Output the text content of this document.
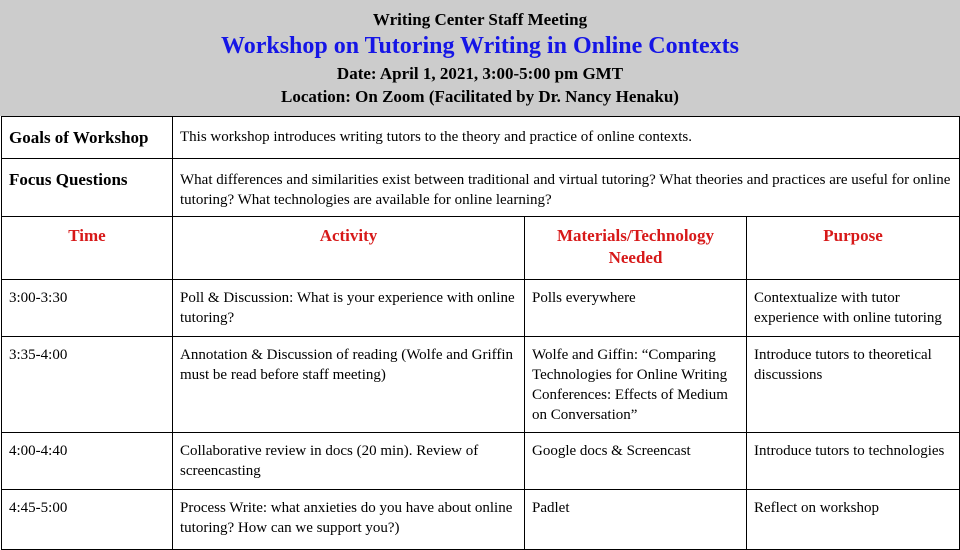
Writing Center Staff Meeting
Workshop on Tutoring Writing in Online Contexts
Date: April 1, 2021, 3:00-5:00 pm GMT
Location: On Zoom (Facilitated by Dr. Nancy Henaku)
Goals of Workshop	This workshop introduces writing tutors to the theory and practice of online contexts.		
Focus Questions	What differences and similarities exist between traditional and virtual tutoring? What theories and practices are useful for online tutoring? What technologies are available for online learning?		
Time	Activity	Materials/Technology Needed	Purpose
3:00-3:30	Poll & Discussion: What is your experience with online tutoring?	Polls everywhere	Contextualize with tutor experience with online tutoring
3:35-4:00	Annotation & Discussion of reading (Wolfe and Griffin must be read before staff meeting)	Wolfe and Giffin: “Comparing Technologies for Online Writing Conferences: Effects of Medium on Conversation”	Introduce tutors to theoretical discussions
4:00-4:40	Collaborative review in docs (20 min). Review of screencasting	Google docs & Screencast	Introduce tutors to technologies
4:45-5:00	Process Write: what anxieties do you have about online tutoring? How can we support you?)	Padlet	Reflect on workshop
